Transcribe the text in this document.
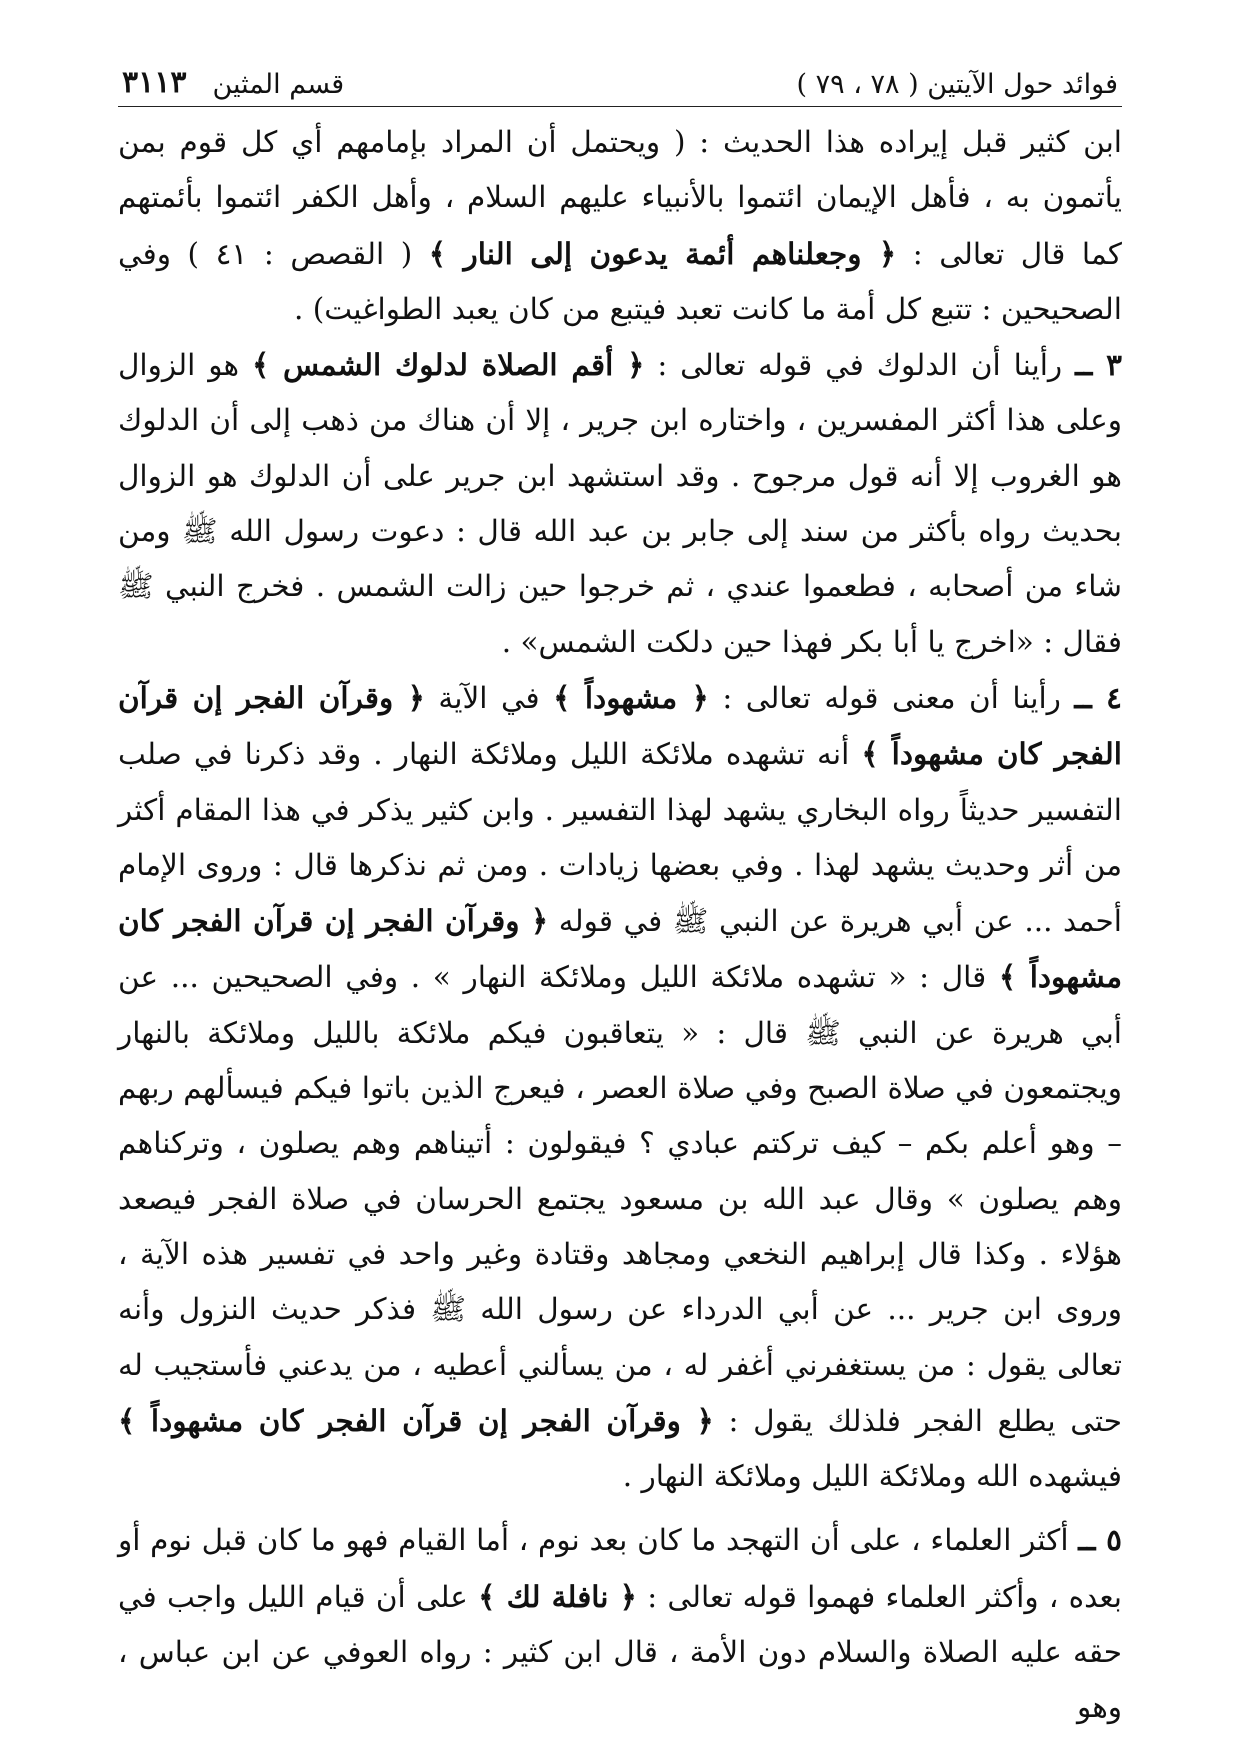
فوائد حول الآيتين ( ٧٨ ، ٧٩ )
قسم المثين
٣١١٣

ابن كثير قبل إيراده هذا الحديث : ( ويحتمل أن المراد بإمامهم أي كل قوم بمن يأتمون به ، فأهل الإيمان ائتموا بالأنبياء عليهم السلام ، وأهل الكفر ائتموا بأئمتهم كما قال تعالى : ﴿ وجعلناهم أئمة يدعون إلى النار ﴾ ( القصص : ٤١ ) وفي الصحيحين : تتبع كل أمة ما كانت تعبد فيتبع من كان يعبد الطواغيت) .

٣ ــ رأينا أن الدلوك في قوله تعالى : ﴿ أقم الصلاة لدلوك الشمس ﴾ هو الزوال وعلى هذا أكثر المفسرين ، واختاره ابن جرير ، إلا أن هناك من ذهب إلى أن الدلوك هو الغروب إلا أنه قول مرجوح . وقد استشهد ابن جرير على أن الدلوك هو الزوال بحديث رواه بأكثر من سند إلى جابر بن عبد الله قال : دعوت رسول الله ﷺ ومن شاء من أصحابه ، فطعموا عندي ، ثم خرجوا حين زالت الشمس . فخرج النبي ﷺ فقال : «اخرج يا أبا بكر فهذا حين دلكت الشمس» .

٤ ــ رأينا أن معنى قوله تعالى : ﴿ مشهوداً ﴾ في الآية ﴿ وقرآن الفجر إن قرآن الفجر كان مشهوداً ﴾ أنه تشهده ملائكة الليل وملائكة النهار . وقد ذكرنا في صلب التفسير حديثاً رواه البخاري يشهد لهذا التفسير . وابن كثير يذكر في هذا المقام أكثر من أثر وحديث يشهد لهذا . وفي بعضها زيادات . ومن ثم نذكرها قال : وروى الإمام أحمد ... عن أبي هريرة عن النبي ﷺ في قوله ﴿ وقرآن الفجر إن قرآن الفجر كان مشهوداً ﴾ قال : « تشهده ملائكة الليل وملائكة النهار » . وفي الصحيحين ... عن أبي هريرة عن النبي ﷺ قال : « يتعاقبون فيكم ملائكة بالليل وملائكة بالنهار ويجتمعون في صلاة الصبح وفي صلاة العصر ، فيعرج الذين باتوا فيكم فيسألهم ربهم – وهو أعلم بكم – كيف تركتم عبادي ؟ فيقولون : أتيناهم وهم يصلون ، وتركناهم وهم يصلون » وقال عبد الله بن مسعود يجتمع الحرسان في صلاة الفجر فيصعد هؤلاء . وكذا قال إبراهيم النخعي ومجاهد وقتادة وغير واحد في تفسير هذه الآية ، وروى ابن جرير ... عن أبي الدرداء عن رسول الله ﷺ فذكر حديث النزول وأنه تعالى يقول : من يستغفرني أغفر له ، من يسألني أعطيه ، من يدعني فأستجيب له حتى يطلع الفجر فلذلك يقول : ﴿ وقرآن الفجر إن قرآن الفجر كان مشهوداً ﴾ فيشهده الله وملائكة الليل وملائكة النهار .

٥ ــ أكثر العلماء ، على أن التهجد ما كان بعد نوم ، أما القيام فهو ما كان قبل نوم أو بعده ، وأكثر العلماء فهموا قوله تعالى : ﴿ نافلة لك ﴾ على أن قيام الليل واجب في حقه عليه الصلاة والسلام دون الأمة ، قال ابن كثير : رواه العوفي عن ابن عباس ، وهو
